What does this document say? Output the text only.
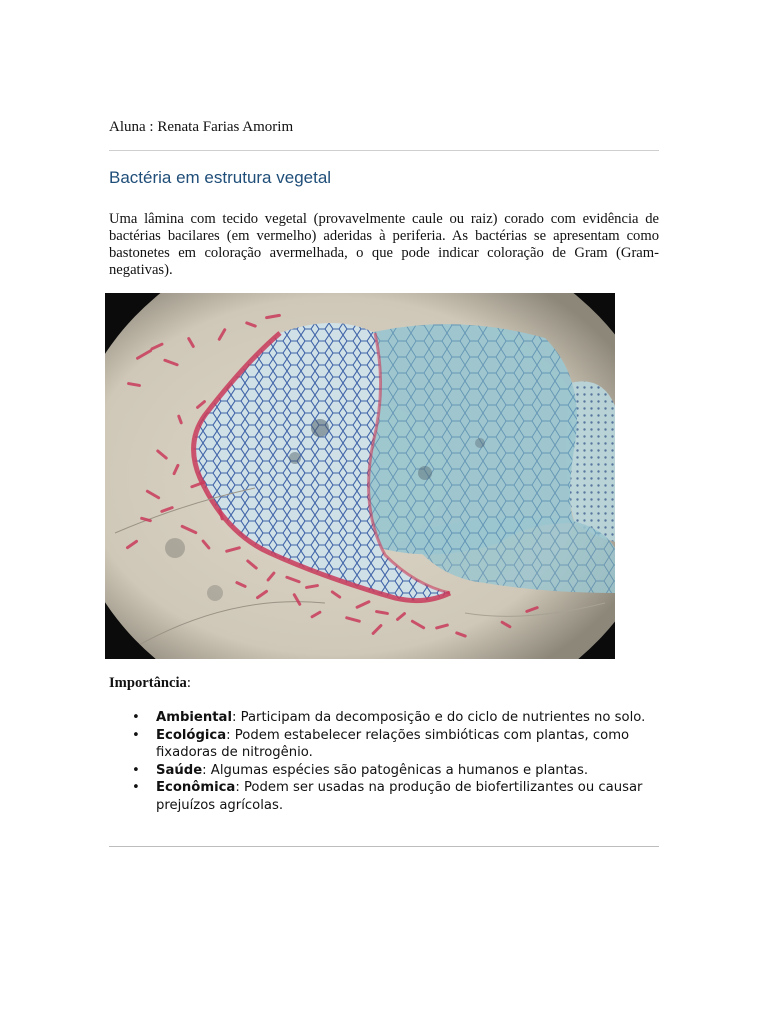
Aluna : Renata Farias Amorim
Bactéria em estrutura vegetal

Uma lâmina com tecido vegetal (provavelmente caule ou raiz) corado com evidência de bactérias bacilares (em vermelho) aderidas à periferia. As bactérias se apresentam como bastonetes em coloração avermelhada, o que pode indicar coloração de Gram (Gram-negativas).

Importância:

• Ambiental: Participam da decomposição e do ciclo de nutrientes no solo.
• Ecológica: Podem estabelecer relações simbióticas com plantas, como fixadoras de nitrogênio.
• Saúde: Algumas espécies são patogênicas a humanos e plantas.
• Econômica: Podem ser usadas na produção de biofertilizantes ou causar prejuízos agrícolas.
